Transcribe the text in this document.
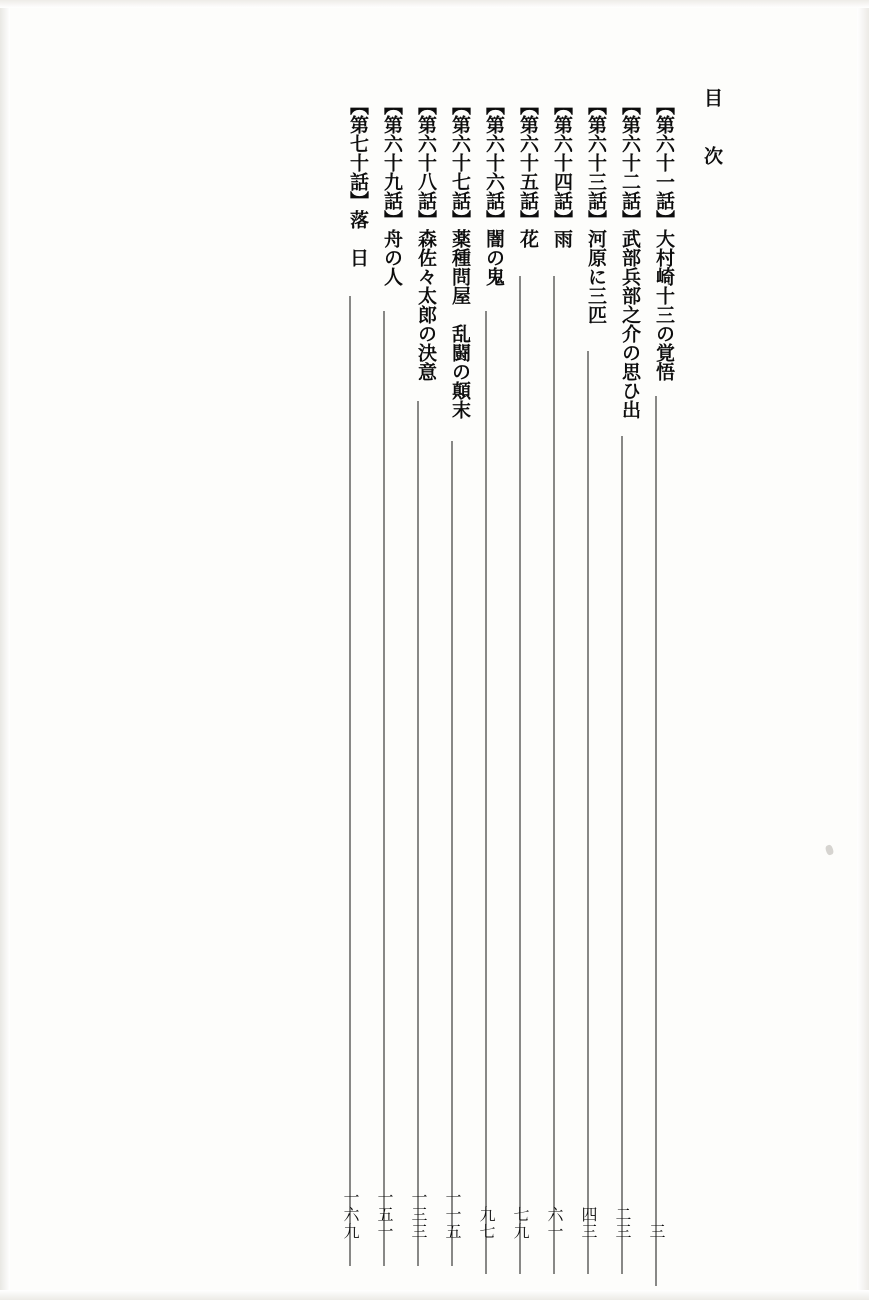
目　次
【第六十一話】大村崎十三の覚悟
三
【第六十二話】武部兵部之介の思ひ出
二三
【第六十三話】河原に三匹
四三
【第六十四話】雨
六一
【第六十五話】花
七九
【第六十六話】闇の鬼
九七
【第六十七話】薬種問屋　乱闘の顛末
一一五
【第六十八話】森佐々太郎の決意
一三三
【第六十九話】舟の人
一五一
【第七十話】落　日
一六九
